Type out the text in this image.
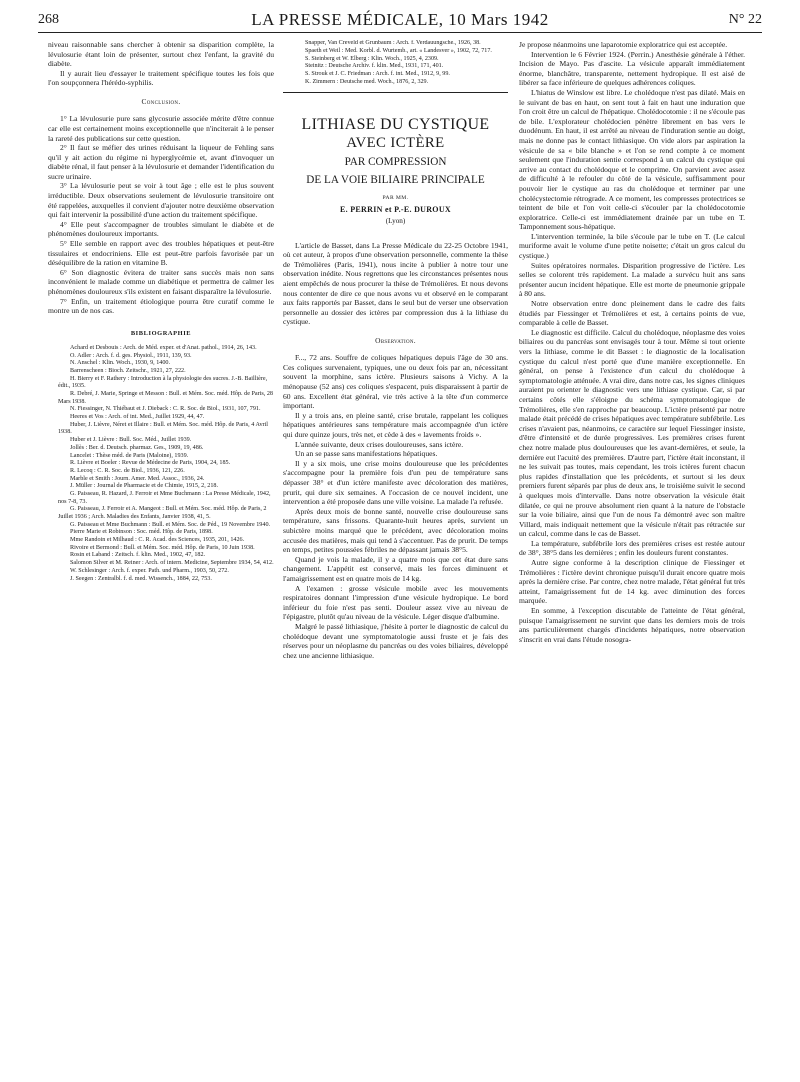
268	LA PRESSE MÉDICALE, 10 Mars 1942	N° 22

niveau raisonnable sans chercher à obtenir sa disparition complète, la lévulosurie étant loin de présenter, surtout chez l'enfant, la gravité du diabète.

Il y aurait lieu d'essayer le traitement spécifique toutes les fois que l'on soupçonnera l'hérédo-syphilis.

Conclusion.

1° La lévulosurie pure sans glycosurie associée mérite d'être connue car elle est certainement moins exceptionnelle que n'inciterait à le penser la rareté des publications sur cette question.

2° Il faut se méfier des urines réduisant la liqueur de Fehling sans qu'il y ait action du régime ni hyperglycémie et, avant d'invoquer un diabète rénal, il faut penser à la lévulosurie et demander l'identification du sucre urinaire.

3° La lévulosurie peut se voir à tout âge ; elle est le plus souvent irréductible. Deux observations seulement de lévulosurie transitoire ont été rappelées, auxquelles il convient d'ajouter notre deuxième observation qui fait intervenir la possibilité d'une action du traitement spécifique.

4° Elle peut s'accompagner de troubles simulant le diabète et de phénomènes douloureux importants.

5° Elle semble en rapport avec des troubles hépatiques et peut-être tissulaires et endocriniens. Elle est peut-être parfois favorisée par un déséquilibre de la ration en vitamine B.

6° Son diagnostic évitera de traiter sans succès mais non sans inconvénient le malade comme un diabétique et permettra de calmer les phénomènes douloureux s'ils existent en faisant disparaître la lévulosurie.

7° Enfin, un traitement étiologique pourra être curatif comme le montre un de nos cas.

BIBLIOGRAPHIE

Achard et Desbouis : Arch. de Méd. exper. et d'Anat. pathol., 1914, 26, 143.

O. Adler : Arch. f. d. ges. Physiol., 1911, 139, 93.

N. Anschel : Klin. Woch., 1930, 9, 1400.

Barrenscheen : Bioch. Zeitschr., 1921, 27, 222.

H. Bierry et F. Rathery : Introduction à la physiologie des sucres. J.-B. Baillière, édit., 1935.

R. Debré, J. Marie, Springe et Messon : Bull. et Mém. Soc. méd. Hôp. de Paris, 28 Mars 1938.

N. Fiessinger, N. Thiébaut et J. Dieback : C. R. Soc. de Biol., 1931, 107, 791.

Heeres et Vos : Arch. of int. Med., Juillet 1929, 44, 47.

Huber, J. Lièvre, Néret et Illaire : Bull. et Mém. Soc. méd. Hôp. de Paris, 4 Avril 1938.

Huber et J. Lièvre : Bull. Soc. Méd., Juillet 1939.

Jollès : Ber. d. Deutsch. pharmaz. Ges., 1909, 19, 486.

Lancelet : Thèse méd. de Paris (Maloine), 1939.

R. Lièvre et Boeler : Revue de Médecine de Paris, 1904, 24, 185.

R. Lecoq : C. R. Soc. de Biol., 1936, 121, 226.

Marble et Smith : Journ. Amer. Med. Assoc., 1936, 24.

J. Müller : Journal de Pharmacie et de Chimie, 1915, 2, 218.

G. Paisseau, R. Hazard, J. Ferroir et Mme Buchmann : La Presse Médicale, 1942, nos 7-8, 73.

G. Paisseau, J. Ferroir et A. Mangeot : Bull. et Mém. Soc. méd. Hôp. de Paris, 2 Juillet 1936 ; Arch. Maladies des Enfants, Janvier 1938, 41, 5.

G. Paisseau et Mme Buchmann : Bull. et Mém. Soc. de Péd., 19 Novembre 1940.

Pierre Marie et Robinson : Soc. méd. Hôp. de Paris, 1898.

Mme Randoin et Milhaud : C. R. Acad. des Sciences, 1935, 201, 1426.

Rivoire et Bermond : Bull. et Mém. Soc. méd. Hôp. de Paris, 10 Juin 1938.

Rosin et Laband : Zeitsch. f. klin. Med., 1902, 47, 182.

Salomon Silver et M. Reiner : Arch. of intern. Medicine, Septembre 1934, 54, 412.

W. Schlesinger : Arch. f. exper. Path. und Pharm., 1903, 50, 272.

J. Seegen : Zentralbl. f. d. med. Wissench., 1884, 22, 753.

Snapper, Van Creveld et Grunbaum : Arch. f. Verdauungsche., 1926, 38.

Spaeth et Weil : Med. Korbl. d. Wurtemb., art. « Landesver », 1902, 72, 717.

S. Steinberg et W. Elberg : Klin. Woch., 1925, 4, 2309.

Steinitz : Deutsche Archiv. f. klin. Med., 1931, 171, 401.

S. Strouk et J. C. Friedman : Arch. f. int. Med., 1912, 9, 99.

K. Zimmern : Deutsche med. Woch., 1876, 2, 329.

LITHIASE DU CYSTIQUE
AVEC ICTÈRE
PAR COMPRESSION
DE LA VOIE BILIAIRE PRINCIPALE
PAR MM.
E. PERRIN et P.-E. DUROUX
(Lyon)

L'article de Basset, dans La Presse Médicale du 22-25 Octobre 1941, où cet auteur, à propos d'une observation personnelle, commente la thèse de Trémolières (Paris, 1941), nous incite à publier à notre tour une observation inédite. Nous regrettons que les circonstances présentes nous aient empêchés de nous procurer la thèse de Trémolières. Et nous devons nous contenter de dire ce que nous avons vu et observé en le comparant aux faits rapportés par Basset, dans le seul but de verser une observation personnelle au dossier des ictères par compression dus à la lithiase du cystique.

Observation.

F..., 72 ans. Souffre de coliques hépatiques depuis l'âge de 30 ans. Ces coliques survenaient, typiques, une ou deux fois par an, nécessitant souvent la morphine, sans ictère. Plusieurs saisons à Vichy. A la ménopause (52 ans) ces coliques s'espacent, puis disparaissent à partir de 60 ans. Excellent état général, vie très active à la tête d'un commerce important.

Il y a trois ans, en pleine santé, crise brutale, rappelant les coliques hépatiques antérieures sans température mais accompagnée d'un ictère qui dure quinze jours, très net, et cède à des « lavements froids ».

L'année suivante, deux crises douloureuses, sans ictère.

Un an se passe sans manifestations hépatiques.

Il y a six mois, une crise moins douloureuse que les précédentes s'accompagne pour la première fois d'un peu de température sans dépasser 38° et d'un ictère manifeste avec décoloration des matières, prurit, qui dure six semaines. A l'occasion de ce nouvel incident, une intervention a été proposée dans une ville voisine. La malade l'a refusée.

Après deux mois de bonne santé, nouvelle crise douloureuse sans température, sans frissons. Quarante-huit heures après, survient un subictère moins marqué que le précédent, avec décoloration moins accusée des matières, mais qui tend à s'accentuer. Pas de prurit. De temps en temps, petites poussées fébriles ne dépassant jamais 38°5.

Quand je vois la malade, il y a quatre mois que cet état dure sans changement. L'appétit est conservé, mais les forces diminuent et l'amaigrissement est en quatre mois de 14 kg.

A l'examen : grosse vésicule mobile avec les mouvements respiratoires donnant l'impression d'une vésicule hydropique. Le bord inférieur du foie n'est pas senti. Douleur assez vive au niveau de l'épigastre, plutôt qu'au niveau de la vésicule. Léger disque d'albumine.

Malgré le passé lithiasique, j'hésite à porter le diagnostic de calcul du cholédoque devant une symptomatologie aussi fruste et je fais des réserves pour un néoplasme du pancréas ou des voies biliaires, développé chez une ancienne lithiasique.

Je propose néanmoins une laparotomie exploratrice qui est acceptée.

Intervention le 6 Février 1924. (Perrin.) Anesthésie générale à l'éther. Incision de Mayo. Pas d'ascite. La vésicule apparaît immédiatement énorme, blanchâtre, transparente, nettement hydropique. Il est aisé de libérer sa face inférieure de quelques adhérences coliques.

L'hiatus de Winslow est libre. Le cholédoque n'est pas dilaté. Mais en le suivant de bas en haut, on sent tout à fait en haut une induration que l'on croit être un calcul de l'hépatique. Cholédocotomie : il ne s'écoule pas de bile. L'explorateur cholédocien pénètre librement en bas vers le duodénum. En haut, il est arrêté au niveau de l'induration sentie au doigt, mais ne donne pas le contact lithiasique. On vide alors par aspiration la vésicule de sa « bile blanche » et l'on se rend compte à ce moment seulement que l'induration sentie correspond à un calcul du cystique qui arrive au contact du cholédoque et le comprime. On parvient avec assez de difficulté à le refouler du côté de la vésicule, suffisamment pour pouvoir lier le cystique au ras du cholédoque et terminer par une cholécystectomie rétrograde. A ce moment, les compresses protectrices se teintent de bile et l'on voit celle-ci s'écouler par la cholédocotomie exploratrice. Celle-ci est immédiatement drainée par un tube en T. Tamponnement sous-hépatique.

L'intervention terminée, la bile s'écoule par le tube en T. (Le calcul muriforme avait le volume d'une petite noisette; c'était un gros calcul du cystique.)

Suites opératoires normales. Disparition progressive de l'ictère. Les selles se colorent très rapidement. La malade a survécu huit ans sans présenter aucun incident hépatique. Elle est morte de pneumonie grippale à 80 ans.

Notre observation entre donc pleinement dans le cadre des faits étudiés par Fiessinger et Trémolières et est, à certains points de vue, comparable à celle de Basset.

Le diagnostic est difficile. Calcul du cholédoque, néoplasme des voies biliaires ou du pancréas sont envisagés tour à tour. Même si tout oriente vers la lithiase, comme le dit Basset : le diagnostic de la localisation cystique du calcul n'est porté que d'une manière exceptionnelle. En général, on pense à l'existence d'un calcul du cholédoque à symptomatologie atténuée. A vrai dire, dans notre cas, les signes cliniques auraient pu orienter le diagnostic vers une lithiase cystique. Car, si par certains côtés elle s'éloigne du schéma symptomatologique de Trémolières, elle s'en rapproche par beaucoup. L'ictère présenté par notre malade était précédé de crises hépatiques avec température subfébrile. Les crises n'avaient pas, néanmoins, ce caractère sur lequel Fiessinger insiste, d'être d'intensité et de durée progressives. Les premières crises furent chez notre malade plus douloureuses que les avant-dernières, et seule, la dernière eut l'acuité des premières. D'autre part, l'ictère était inconstant, il ne les suivait pas toutes, mais cependant, les trois ictères furent chacun plus rapides d'installation que les précédents, et surtout si les deux premiers furent séparés par plus de deux ans, le troisième suivit le second à quelques mois d'intervalle. Dans notre observation la vésicule était dilatée, ce qui ne prouve absolument rien quant à la nature de l'obstacle sur la voie biliaire, ainsi que l'un de nous l'a démontré avec son maître Villard, mais indiquait nettement que la vésicule n'était pas rétractée sur un calcul, comme dans le cas de Basset.

La température, subfébrile lors des premières crises est restée autour de 38°, 38°5 dans les dernières ; enfin les douleurs furent constantes.

Autre signe conforme à la description clinique de Fiessinger et Trémolières : l'ictère devint chronique puisqu'il durait encore quatre mois après la dernière crise. Par contre, chez notre malade, l'état général fut très atteint, l'amaigrissement fut de 14 kg. avec diminution des forces marquée.

En somme, à l'exception discutable de l'atteinte de l'état général, puisque l'amaigrissement ne survint que dans les derniers mois de trois ans particulièrement chargés d'incidents hépatiques, notre observation s'inscrit en vrai dans l'étude nosogra-
